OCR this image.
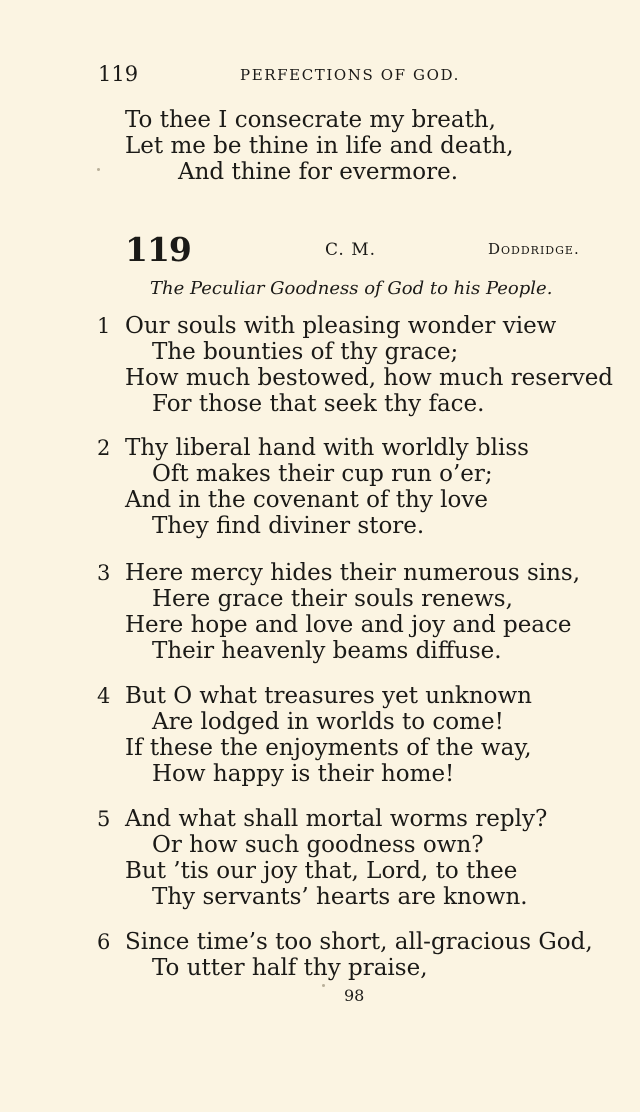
119	PERFECTIONS OF GOD.
To thee I consecrate my breath,
Let me be thine in life and death,
And thine for evermore.
119	C. M.	Doddridge.
The Peculiar Goodness of God to his People.
1 Our souls with pleasing wonder view
The bounties of thy grace;
How much bestowed, how much reserved
For those that seek thy face.
2 Thy liberal hand with worldly bliss
Oft makes their cup run o’er;
And in the covenant of thy love
They find diviner store.
3 Here mercy hides their numerous sins,
Here grace their souls renews,
Here hope and love and joy and peace
Their heavenly beams diffuse.
4 But O what treasures yet unknown
Are lodged in worlds to come!
If these the enjoyments of the way,
How happy is their home!
5 And what shall mortal worms reply?
Or how such goodness own?
But ’tis our joy that, Lord, to thee
Thy servants’ hearts are known.
6 Since time’s too short, all-gracious God,
To utter half thy praise,
98
